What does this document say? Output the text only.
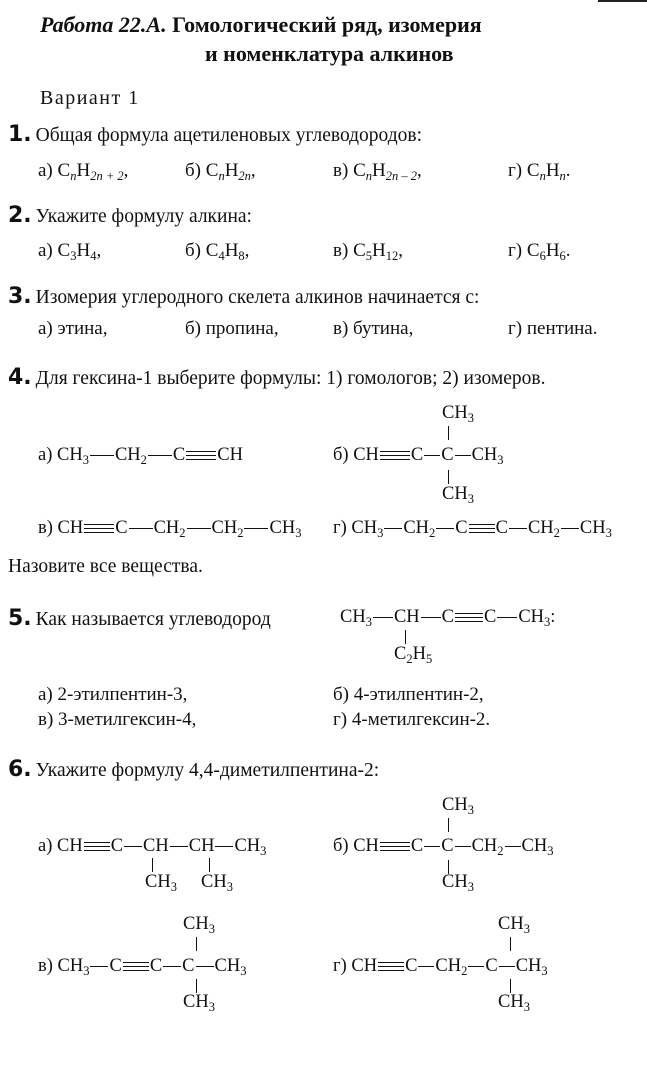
Работа 22.А. Гомологический ряд, изомерия
и номенклатура алкинов
Вариант 1
1. Общая формула ацетиленовых углеводородов:
а) $C_nH_{2n + 2}$,	б) $C_nH_{2n}$,	в) $C_nH_{2n - 2}$,	г) $C_nH_n$.
2. Укажите формулу алкина:
а) $C_3H_4$,	б) $C_4H_8$,	в) $C_5H_{12}$,	г) $C_6H_6$.
3. Изомерия углеродного скелета алкинов начинается с:
а) этина,	б) пропина,	в) бутина,	г) пентина.
4. Для гексина-1 выберите формулы: 1) гомологов; 2) изомеров.
а) $CH_3$ $CH_2$ C CH	б) CH C C $CH_3$
$CH_3$
$CH_3$
в) CH C $CH_2$ $CH_2$ $CH_3$ г) $CH_3$ $CH_2$ C C $CH_2$ $CH_3$
Назовите все вещества.
5. Как называется углеводород	$CH_3$ CH C C $CH_3$:
$C_2H_5$
а) 2-этилпентин-3,	б) 4-этилпентин-2,
в) 3-метилгексин-4,	г) 4-метилгексин-2.
6. Укажите формулу 4,4-диметилпентина-2:
а) CH C CH CH $CH_3$
$CH_3$ $CH_3$
б) CH C C $CH_2$ $CH_3$
$CH_3$
$CH_3$
в) $CH_3$ C C C $CH_3$
$CH_3$
$CH_3$
г) CH C $CH_2$ C $CH_3$
$CH_3$
$CH_3$
